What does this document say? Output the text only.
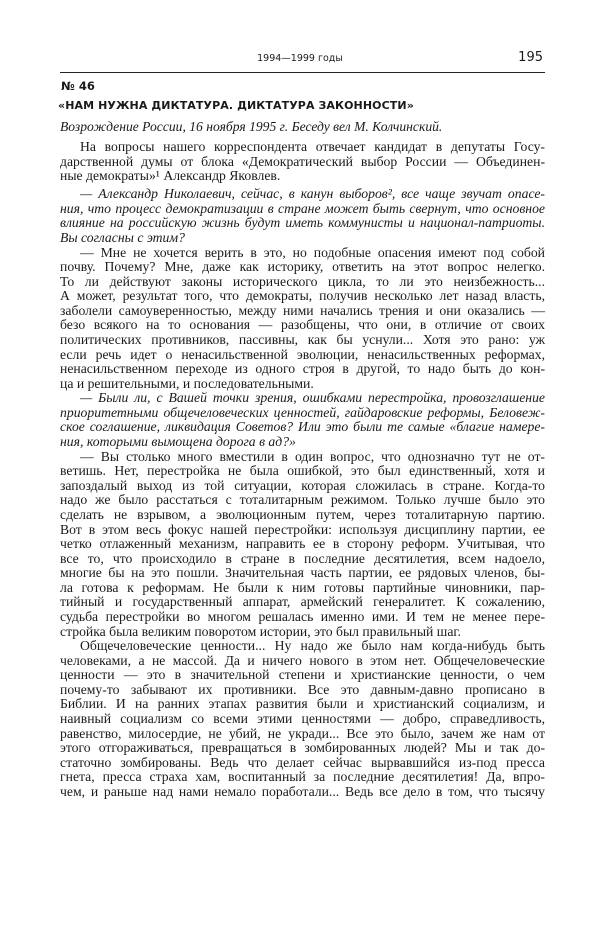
1994—1999 годы	195
№ 46
«НАМ НУЖНА ДИКТАТУРА. ДИКТАТУРА ЗАКОННОСТИ»
Возрождение России, 16 ноября 1995 г. Беседу вел М. Колчинский.
На вопросы нашего корреспондента отвечает кандидат в депутаты Госу-
дарственной думы от блока «Демократический выбор России — Объединен-
ные демократы»¹ Александр Яковлев.
— Александр Николаевич, сейчас, в канун выборов², все чаще звучат опасе-
ния, что процесс демократизации в стране может быть свернут, что основное
влияние на российскую жизнь будут иметь коммунисты и национал-патриоты.
Вы согласны с этим?
— Мне не хочется верить в это, но подобные опасения имеют под собой
почву. Почему? Мне, даже как историку, ответить на этот вопрос нелегко.
То ли действуют законы исторического цикла, то ли это неизбежность...
А может, результат того, что демократы, получив несколько лет назад власть,
заболели самоуверенностью, между ними начались трения и они оказались —
безо всякого на то основания — разобщены, что они, в отличие от своих
политических противников, пассивны, как бы уснули... Хотя это рано: уж
если речь идет о ненасильственной эволюции, ненасильственных реформах,
ненасильственном переходе из одного строя в другой, то надо быть до кон-
ца и решительными, и последовательными.
— Были ли, с Вашей точки зрения, ошибками перестройка, провозглашение
приоритетными общечеловеческих ценностей, гайдаровские реформы, Беловеж-
ское соглашение, ликвидация Советов? Или это были те самые «благие намере-
ния, которыми вымощена дорога в ад?»
— Вы столько много вместили в один вопрос, что однозначно тут не от-
ветишь. Нет, перестройка не была ошибкой, это был единственный, хотя и
запоздалый выход из той ситуации, которая сложилась в стране. Когда-то
надо же было расстаться с тоталитарным режимом. Только лучше было это
сделать не взрывом, а эволюционным путем, через тоталитарную партию.
Вот в этом весь фокус нашей перестройки: используя дисциплину партии, ее
четко отлаженный механизм, направить ее в сторону реформ. Учитывая, что
все то, что происходило в стране в последние десятилетия, всем надоело,
многие бы на это пошли. Значительная часть партии, ее рядовых членов, бы-
ла готова к реформам. Не были к ним готовы партийные чиновники, пар-
тийный и государственный аппарат, армейский генералитет. К сожалению,
судьба перестройки во многом решалась именно ими. И тем не менее пере-
стройка была великим поворотом истории, это был правильный шаг.
Общечеловеческие ценности... Ну надо же было нам когда-нибудь быть
человеками, а не массой. Да и ничего нового в этом нет. Общечеловеческие
ценности — это в значительной степени и христианские ценности, о чем
почему-то забывают их противники. Все это давным-давно прописано в
Библии. И на ранних этапах развития были и христианский социализм, и
наивный социализм со всеми этими ценностями — добро, справедливость,
равенство, милосердие, не убий, не укради... Все это было, зачем же нам от
этого отгораживаться, превращаться в зомбированных людей? Мы и так до-
статочно зомбированы. Ведь что делает сейчас вырвавшийся из-под пресса
гнета, пресса страха хам, воспитанный за последние десятилетия! Да, впро-
чем, и раньше над нами немало поработали... Ведь все дело в том, что тысячу
